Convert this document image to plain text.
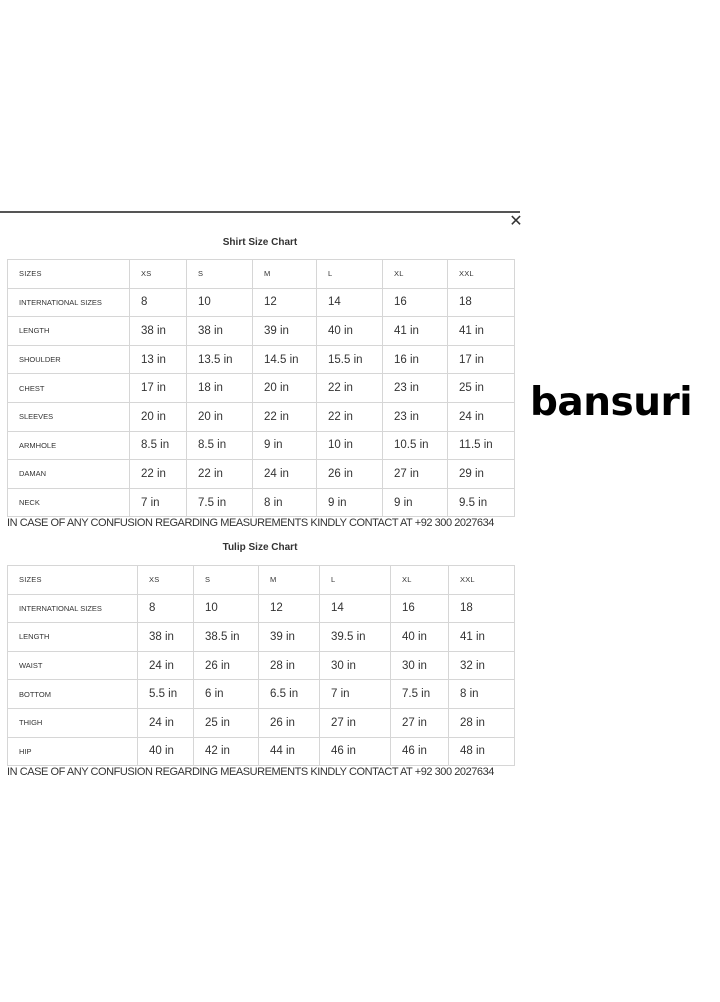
✕
Shirt Size Chart
SIZES	XS	S	M	L	XL	XXL
INTERNATIONAL SIZES	8	10	12	14	16	18
LENGTH	38 in	38 in	39 in	40 in	41 in	41 in
SHOULDER	13 in	13.5 in	14.5 in	15.5 in	16 in	17 in
CHEST	17 in	18 in	20 in	22 in	23 in	25 in
SLEEVES	20 in	20 in	22 in	22 in	23 in	24 in
ARMHOLE	8.5 in	8.5 in	9 in	10 in	10.5 in	11.5 in
DAMAN	22 in	22 in	24 in	26 in	27 in	29 in
NECK	7 in	7.5 in	8 in	9 in	9 in	9.5 in
IN CASE OF ANY CONFUSION REGARDING MEASUREMENTS KINDLY CONTACT AT +92 300 2027634
Tulip Size Chart
SIZES	XS	S	M	L	XL	XXL
INTERNATIONAL SIZES	8	10	12	14	16	18
LENGTH	38 in	38.5 in	39 in	39.5 in	40 in	41 in
WAIST	24 in	26 in	28 in	30 in	30 in	32 in
BOTTOM	5.5 in	6 in	6.5 in	7 in	7.5 in	8 in
THIGH	24 in	25 in	26 in	27 in	27 in	28 in
HIP	40 in	42 in	44 in	46 in	46 in	48 in
IN CASE OF ANY CONFUSION REGARDING MEASUREMENTS KINDLY CONTACT AT +92 300 2027634
bansuri
